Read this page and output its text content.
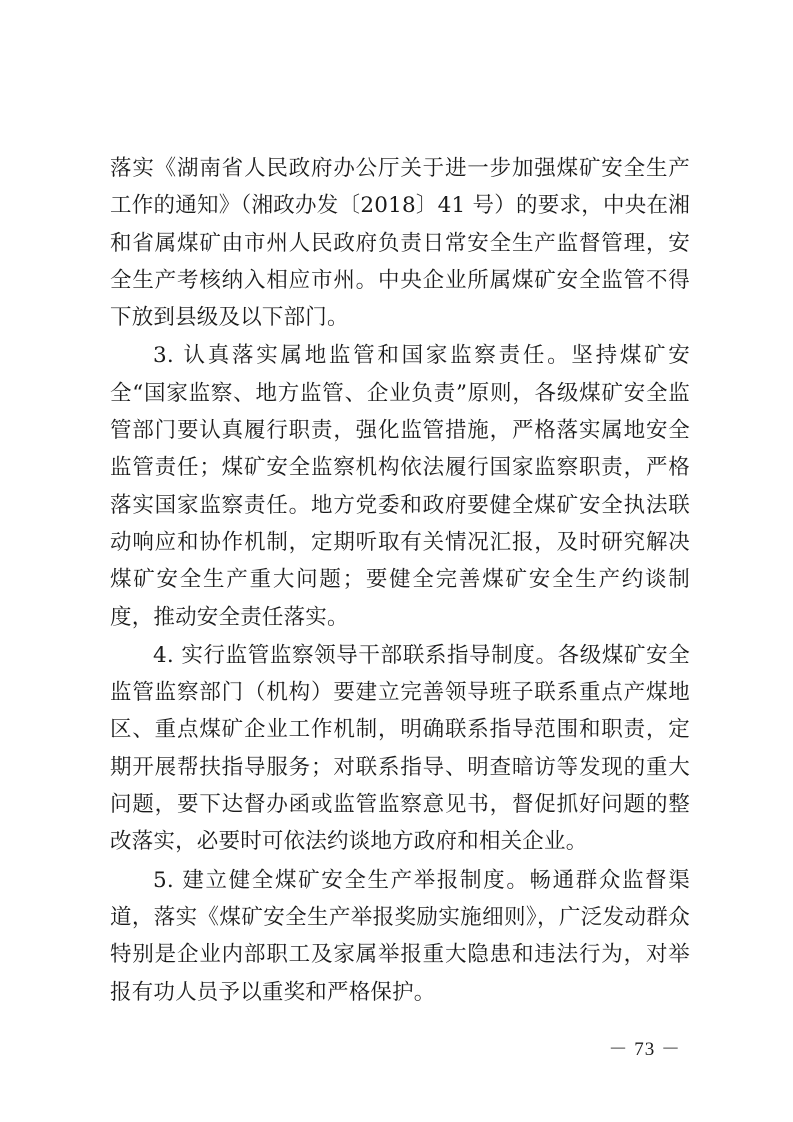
落实《湖南省人民政府办公厅关于进一步加强煤矿安全生产工作的通知》（湘政办发〔2018〕41 号）的要求，中央在湘和省属煤矿由市州人民政府负责日常安全生产监督管理，安全生产考核纳入相应市州。中央企业所属煤矿安全监管不得下放到县级及以下部门。

3. 认真落实属地监管和国家监察责任。坚持煤矿安全“国家监察、地方监管、企业负责”原则，各级煤矿安全监管部门要认真履行职责，强化监管措施，严格落实属地安全监管责任；煤矿安全监察机构依法履行国家监察职责，严格落实国家监察责任。地方党委和政府要健全煤矿安全执法联动响应和协作机制，定期听取有关情况汇报，及时研究解决煤矿安全生产重大问题；要健全完善煤矿安全生产约谈制度，推动安全责任落实。

4. 实行监管监察领导干部联系指导制度。各级煤矿安全监管监察部门（机构）要建立完善领导班子联系重点产煤地区、重点煤矿企业工作机制，明确联系指导范围和职责，定期开展帮扶指导服务；对联系指导、明查暗访等发现的重大问题，要下达督办函或监管监察意见书，督促抓好问题的整改落实，必要时可依法约谈地方政府和相关企业。

5. 建立健全煤矿安全生产举报制度。畅通群众监督渠道，落实《煤矿安全生产举报奖励实施细则》，广泛发动群众特别是企业内部职工及家属举报重大隐患和违法行为，对举报有功人员予以重奖和严格保护。

－ 73 －
